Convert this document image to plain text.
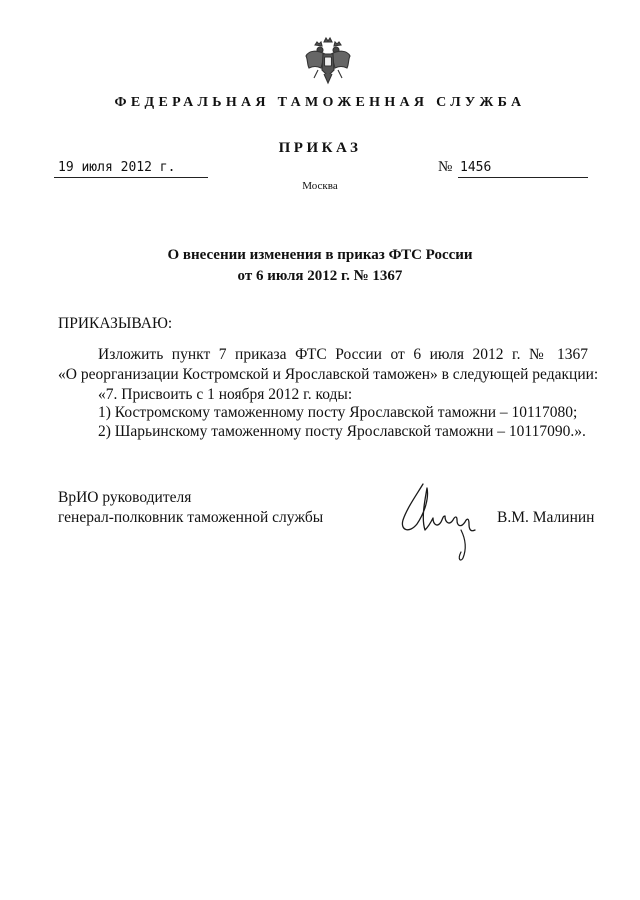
ФЕДЕРАЛЬНАЯ ТАМОЖЕННАЯ СЛУЖБА
ПРИКАЗ
19 июля 2012 г.	№ 1456
Москва
О внесении изменения в приказ ФТС России
от 6 июля 2012 г. № 1367
ПРИКАЗЫВАЮ:
Изложить пункт 7 приказа ФТС России от 6 июля 2012 г. № 1367
«О реорганизации Костромской и Ярославской таможен» в следующей редакции:
«7. Присвоить с 1 ноября 2012 г. коды:
1) Костромскому таможенному посту Ярославской таможни – 10117080;
2) Шарьинскому таможенному посту Ярославской таможни – 10117090.».
ВрИО руководителя
генерал-полковник таможенной службы	В.М. Малинин
